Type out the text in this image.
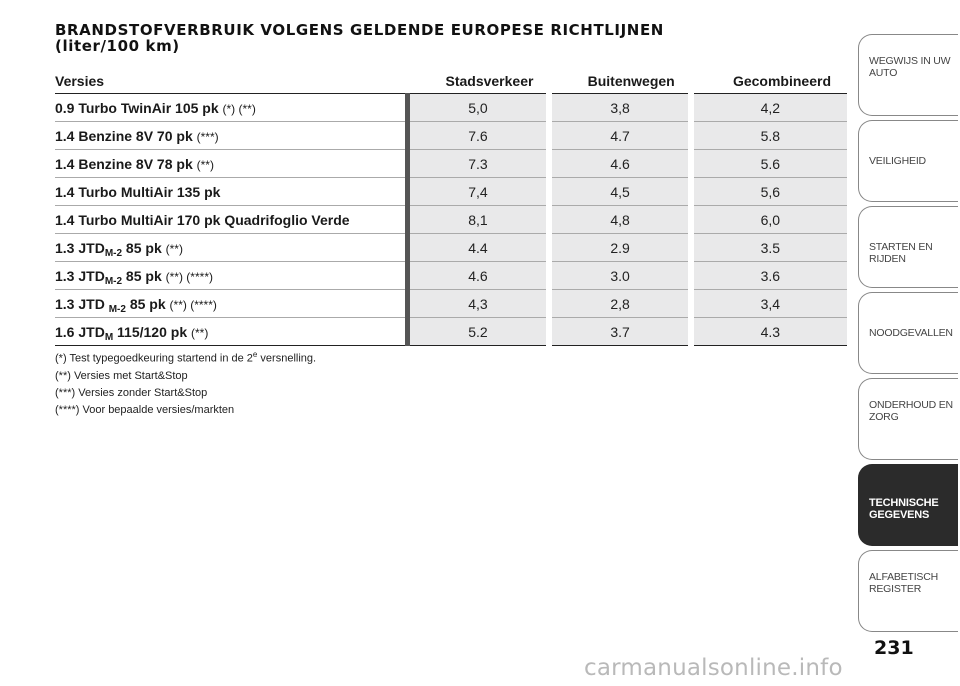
BRANDSTOFVERBRUIK VOLGENS GELDENDE EUROPESE RICHTLIJNEN
(liter/100 km)
Versies	Stadsverkeer	Buitenwegen	Gecombineerd
0.9 Turbo TwinAir 105 pk (*) (**)	5,0	3,8	4,2
1.4 Benzine 8V 70 pk (***)	7.6	4.7	5.8
1.4 Benzine 8V 78 pk (**)	7.3	4.6	5.6
1.4 Turbo MultiAir 135 pk	7,4	4,5	5,6
1.4 Turbo MultiAir 170 pk Quadrifoglio Verde	8,1	4,8	6,0
1.3 $JTD_{M-2}$ 85 pk (**)	4.4	2.9	3.5
1.3 $JTD_{M-2}$ 85 pk (**) (****)	4.6	3.0	3.6
1.3 JTD $_{M-2}$ 85 pk (**) (****)	4,3	2,8	3,4
1.6 $JTD_M$ 115/120 pk (**)	5.2	3.7	4.3
(*) Test typegoedkeuring startend in de 2e versnelling.
(**) Versies met Start&Stop
(***) Versies zonder Start&Stop
(****) Voor bepaalde versies/markten
WEGWIJS IN UW
AUTO
VEILIGHEID
STARTEN EN RIJDEN
NOODGEVALLEN
ONDERHOUD EN
ZORG
TECHNISCHE
GEGEVENS
ALFABETISCH
REGISTER
231
carmanualsonline.info
